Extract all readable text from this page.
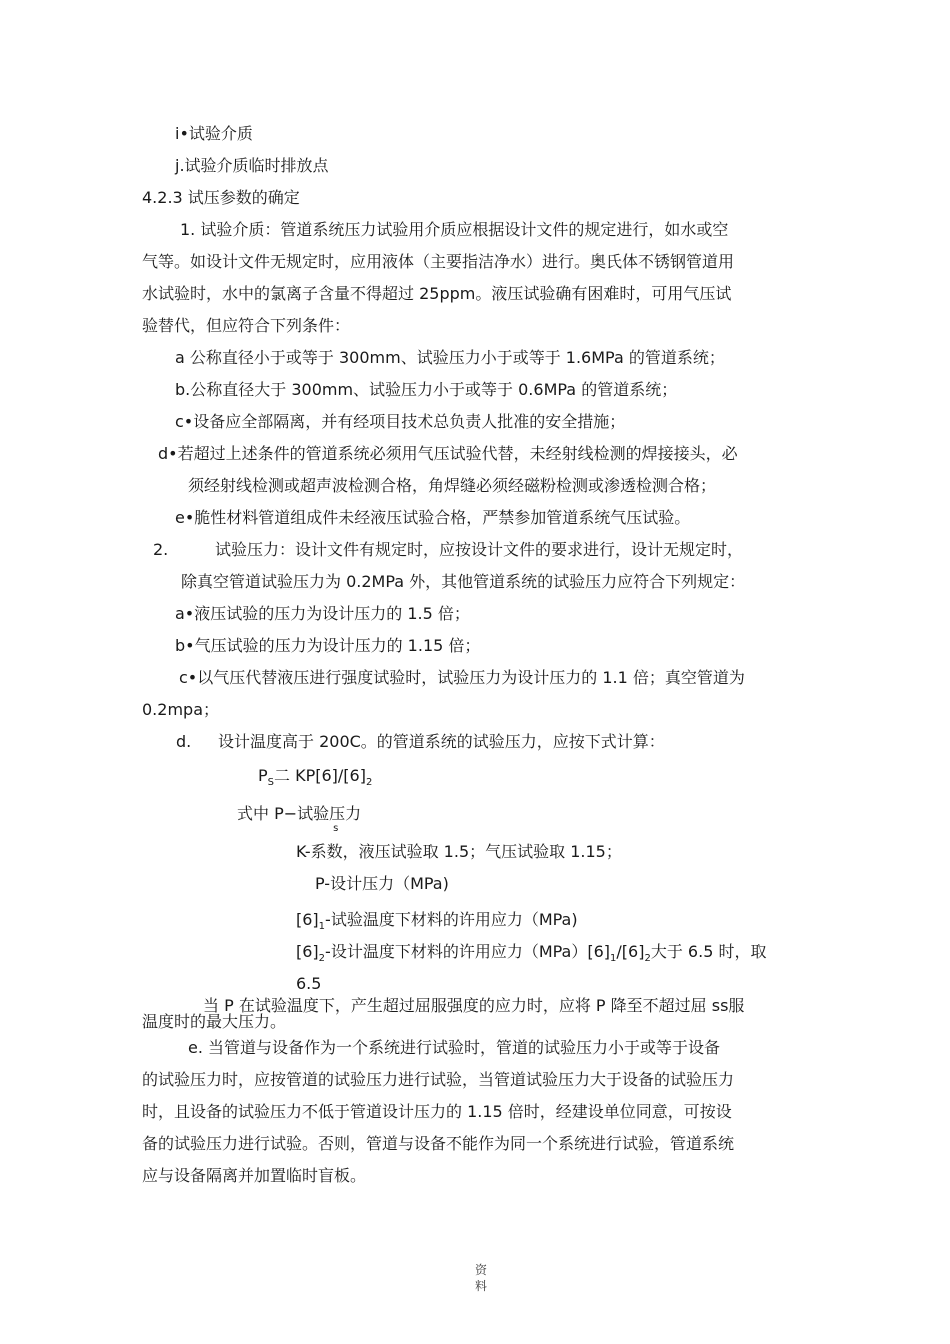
i•试验介质
j.试验介质临时排放点
4.2.3 试压参数的确定
1. 试验介质：管道系统压力试验用介质应根据设计文件的规定进行，如水或空
气等。如设计文件无规定时，应用液体（主要指洁净水）进行。奥氏体不锈钢管道用
水试验时，水中的氯离子含量不得超过 25ppm。液压试验确有困难时，可用气压试
验替代，但应符合下列条件：
a 公称直径小于或等于 300mm、试验压力小于或等于 1.6MPa 的管道系统；
b.公称直径大于 300mm、试验压力小于或等于 0.6MPa 的管道系统；
c•设备应全部隔离，并有经项目技术总负责人批准的安全措施；
d•若超过上述条件的管道系统必须用气压试验代替，未经射线检测的焊接接头，必
须经射线检测或超声波检测合格，角焊缝必须经磁粉检测或渗透检测合格；
e•脆性材料管道组成件未经液压试验合格，严禁参加管道系统气压试验。
2.	试验压力：设计文件有规定时，应按设计文件的要求进行，设计无规定时，
除真空管道试验压力为 0.2MPa 外，其他管道系统的试验压力应符合下列规定：
a•液压试验的压力为设计压力的 1.5 倍；
b•气压试验的压力为设计压力的 1.15 倍；
c•以气压代替液压进行强度试验时，试验压力为设计压力的 1.1 倍；真空管道为
0.2mpa；
d. 设计温度高于 200C。的管道系统的试验压力，应按下式计算：
$P_S$二 $KP[6]/[6]_2$
式中 P−试验压力$_s$
K-系数，液压试验取 1.5；气压试验取 1.15；
P-设计压力（MPa)
$[6]_1-$试验温度下材料的许用应力（MPa)
$[6]_2-$设计温度下材料的许用应力$(MPa)[6]_1/[6]_2$大于 6.5 时，取
6.5
当 P 在试验温度下，产生超过屈服强度的应力时，应将 P 降至不超过屈 ss服
温度时的最大压力。
e. 当管道与设备作为一个系统进行试验时，管道的试验压力小于或等于设备
的试验压力时，应按管道的试验压力进行试验，当管道试验压力大于设备的试验压力
时，且设备的试验压力不低于管道设计压力的 1.15 倍时，经建设单位同意，可按设
备的试验压力进行试验。否则，管道与设备不能作为同一个系统进行试验，管道系统
应与设备隔离并加置临时盲板。
资料
